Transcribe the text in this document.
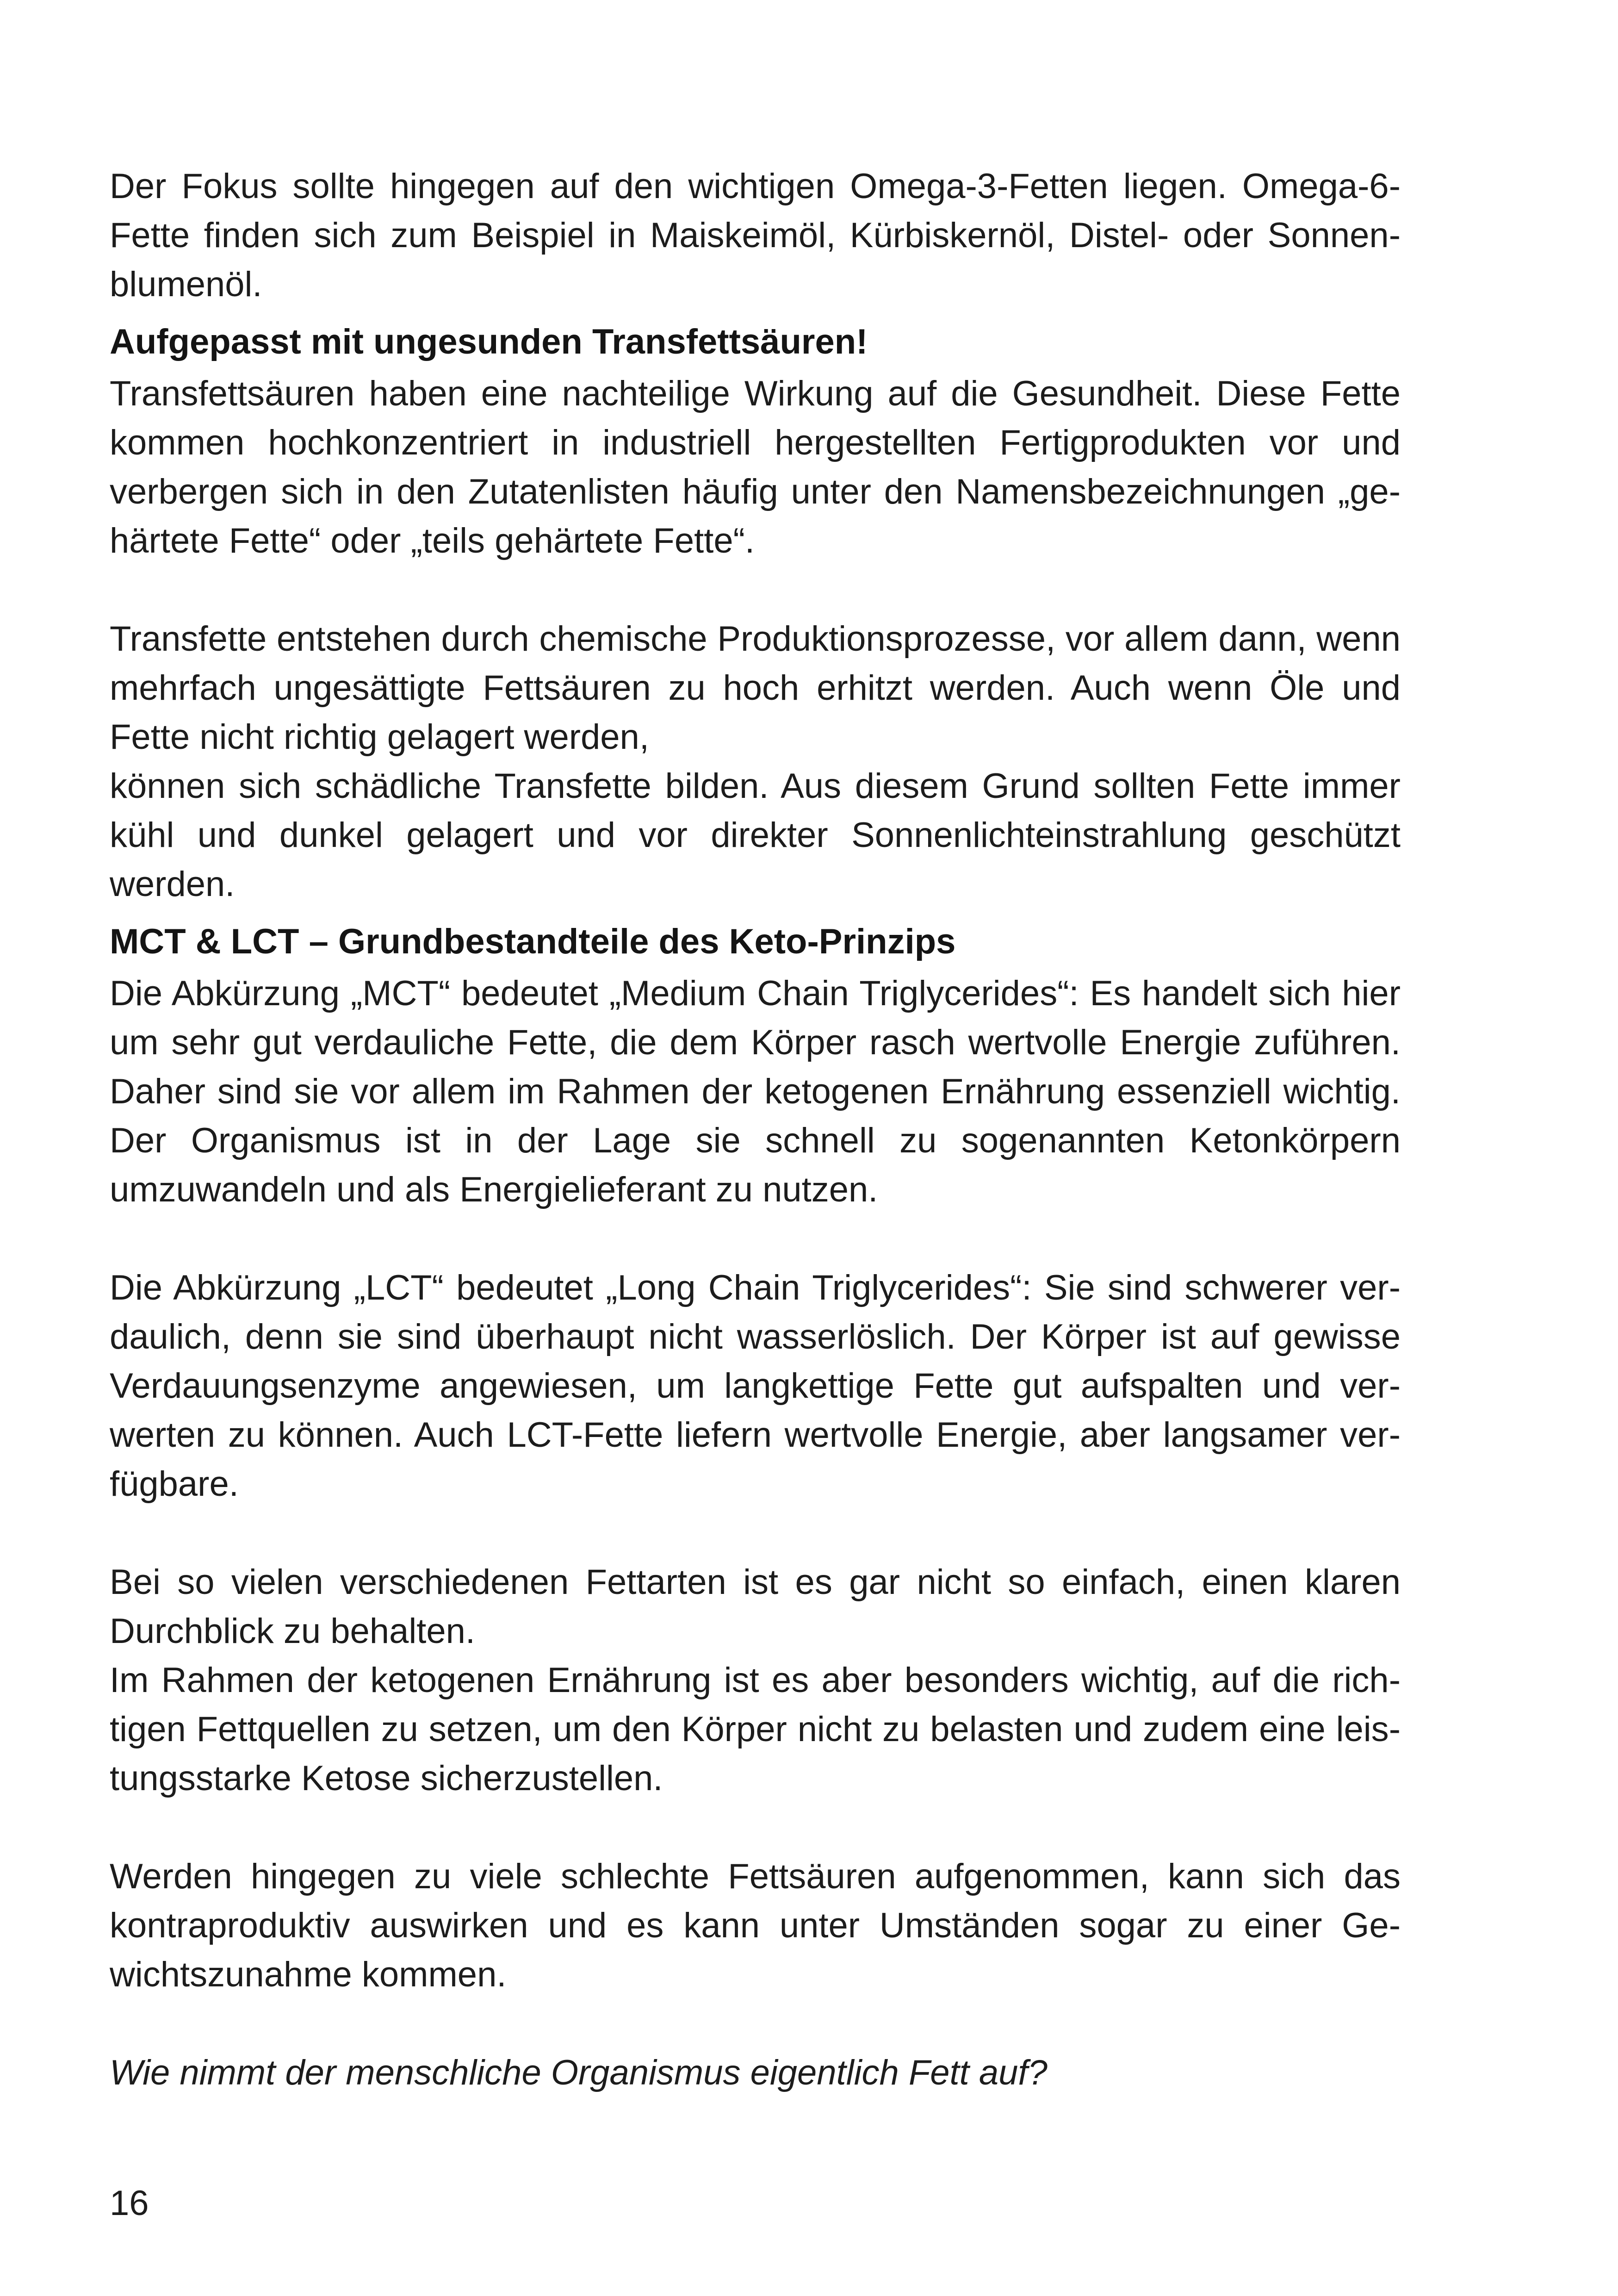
Der Fokus sollte hingegen auf den wichtigen Omega-3-Fetten liegen. Omega-6-Fette finden sich zum Beispiel in Maiskeimöl, Kürbiskernöl, Distel- oder Sonnenblumenöl.

Aufgepasst mit ungesunden Transfettsäuren!

Transfettsäuren haben eine nachteilige Wirkung auf die Gesundheit. Diese Fette kommen hochkonzentriert in industriell hergestellten Fertigprodukten vor und verbergen sich in den Zutatenlisten häufig unter den Namensbezeichnungen „gehärtete Fette“ oder „teils gehärtete Fette“.

Transfette entstehen durch chemische Produktionsprozesse, vor allem dann, wenn mehrfach ungesättigte Fettsäuren zu hoch erhitzt werden. Auch wenn Öle und Fette nicht richtig gelagert werden,

können sich schädliche Transfette bilden. Aus diesem Grund sollten Fette immer kühl und dunkel gelagert und vor direkter Sonnenlichteinstrahlung geschützt werden.

MCT & LCT – Grundbestandteile des Keto-Prinzips

Die Abkürzung „MCT“ bedeutet „Medium Chain Triglycerides“: Es handelt sich hier um sehr gut verdauliche Fette, die dem Körper rasch wertvolle Energie zuführen. Daher sind sie vor allem im Rahmen der ketogenen Ernährung essenziell wichtig. Der Organismus ist in der Lage sie schnell zu sogenannten Ketonkörpern umzuwandeln und als Energielieferant zu nutzen.

Die Abkürzung „LCT“ bedeutet „Long Chain Triglycerides“: Sie sind schwerer verdaulich, denn sie sind überhaupt nicht wasserlöslich. Der Körper ist auf gewisse Verdauungsenzyme angewiesen, um langkettige Fette gut aufspalten und verwerten zu können. Auch LCT-Fette liefern wertvolle Energie, aber langsamer verfügbare.

Bei so vielen verschiedenen Fettarten ist es gar nicht so einfach, einen klaren Durchblick zu behalten.

Im Rahmen der ketogenen Ernährung ist es aber besonders wichtig, auf die richtigen Fettquellen zu setzen, um den Körper nicht zu belasten und zudem eine leistungsstarke Ketose sicherzustellen.

Werden hingegen zu viele schlechte Fettsäuren aufgenommen, kann sich das kontraproduktiv auswirken und es kann unter Umständen sogar zu einer Gewichtszunahme kommen.

Wie nimmt der menschliche Organismus eigentlich Fett auf?

16
